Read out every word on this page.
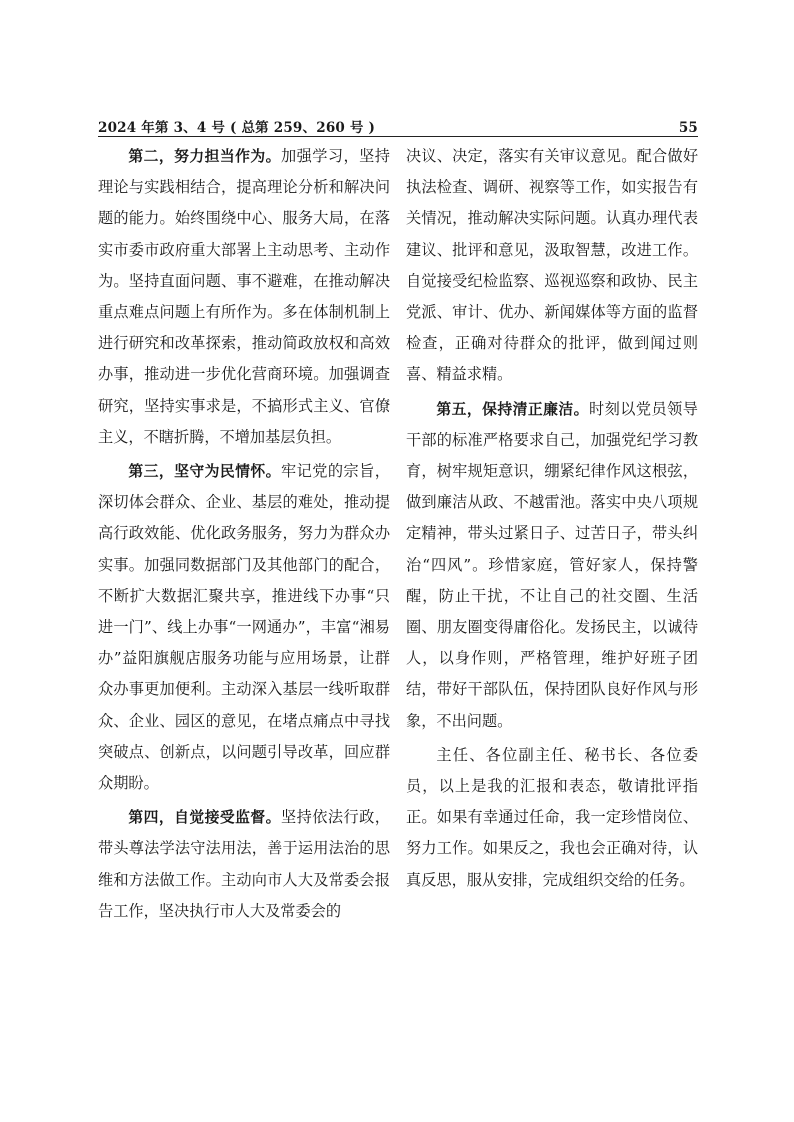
2024 年第 3、4 号 ( 总第 259、260 号 )	55

第二，努力担当作为。加强学习，坚持理论与实践相结合，提高理论分析和解决问题的能力。始终围绕中心、服务大局，在落实市委市政府重大部署上主动思考、主动作为。坚持直面问题、事不避难，在推动解决重点难点问题上有所作为。多在体制机制上进行研究和改革探索，推动简政放权和高效办事，推动进一步优化营商环境。加强调查研究，坚持实事求是，不搞形式主义、官僚主义，不瞎折腾，不增加基层负担。

第三，坚守为民情怀。牢记党的宗旨，深切体会群众、企业、基层的难处，推动提高行政效能、优化政务服务，努力为群众办实事。加强同数据部门及其他部门的配合，不断扩大数据汇聚共享，推进线下办事“只进一门”、线上办事“一网通办”，丰富“湘易办”益阳旗舰店服务功能与应用场景，让群众办事更加便利。主动深入基层一线听取群众、企业、园区的意见，在堵点痛点中寻找突破点、创新点，以问题引导改革，回应群众期盼。

第四，自觉接受监督。坚持依法行政，带头尊法学法守法用法，善于运用法治的思维和方法做工作。主动向市人大及常委会报告工作，坚决执行市人大及常委会的

决议、决定，落实有关审议意见。配合做好执法检查、调研、视察等工作，如实报告有关情况，推动解决实际问题。认真办理代表建议、批评和意见，汲取智慧，改进工作。自觉接受纪检监察、巡视巡察和政协、民主党派、审计、优办、新闻媒体等方面的监督检查，正确对待群众的批评，做到闻过则喜、精益求精。

第五，保持清正廉洁。时刻以党员领导干部的标准严格要求自己，加强党纪学习教育，树牢规矩意识，绷紧纪律作风这根弦，做到廉洁从政、不越雷池。落实中央八项规定精神，带头过紧日子、过苦日子，带头纠治“四风”。珍惜家庭，管好家人，保持警醒，防止干扰，不让自己的社交圈、生活圈、朋友圈变得庸俗化。发扬民主，以诚待人，以身作则，严格管理，维护好班子团结，带好干部队伍，保持团队良好作风与形象，不出问题。

主任、各位副主任、秘书长、各位委员，以上是我的汇报和表态，敬请批评指正。如果有幸通过任命，我一定珍惜岗位、努力工作。如果反之，我也会正确对待，认真反思，服从安排，完成组织交给的任务。
